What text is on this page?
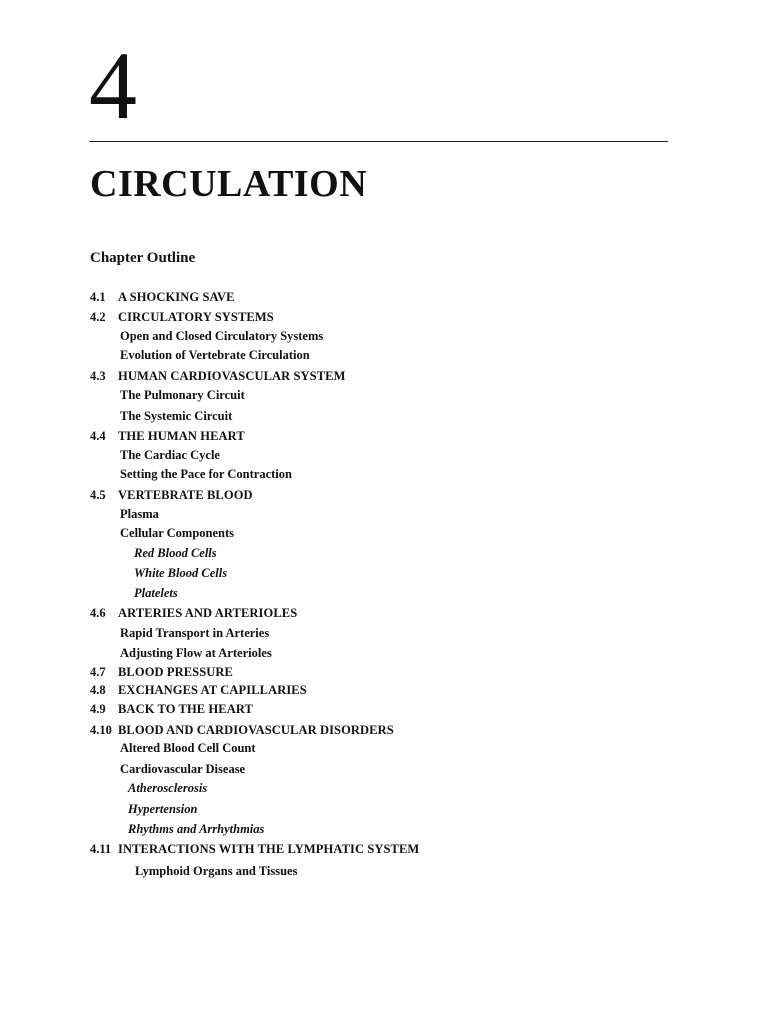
4
CIRCULATION
Chapter Outline
4.1 A SHOCKING SAVE
4.2 CIRCULATORY SYSTEMS
Open and Closed Circulatory Systems
Evolution of Vertebrate Circulation
4.3 HUMAN CARDIOVASCULAR SYSTEM
The Pulmonary Circuit
The Systemic Circuit
4.4 THE HUMAN HEART
The Cardiac Cycle
Setting the Pace for Contraction
4.5 VERTEBRATE BLOOD
Plasma
Cellular Components
Red Blood Cells
White Blood Cells
Platelets
4.6 ARTERIES AND ARTERIOLES
Rapid Transport in Arteries
Adjusting Flow at Arterioles
4.7 BLOOD PRESSURE
4.8 EXCHANGES AT CAPILLARIES
4.9 BACK TO THE HEART
4.10 BLOOD AND CARDIOVASCULAR DISORDERS
Altered Blood Cell Count
Cardiovascular Disease
Atherosclerosis
Hypertension
Rhythms and Arrhythmias
4.11 INTERACTIONS WITH THE LYMPHATIC SYSTEM
Lymphoid Organs and Tissues
